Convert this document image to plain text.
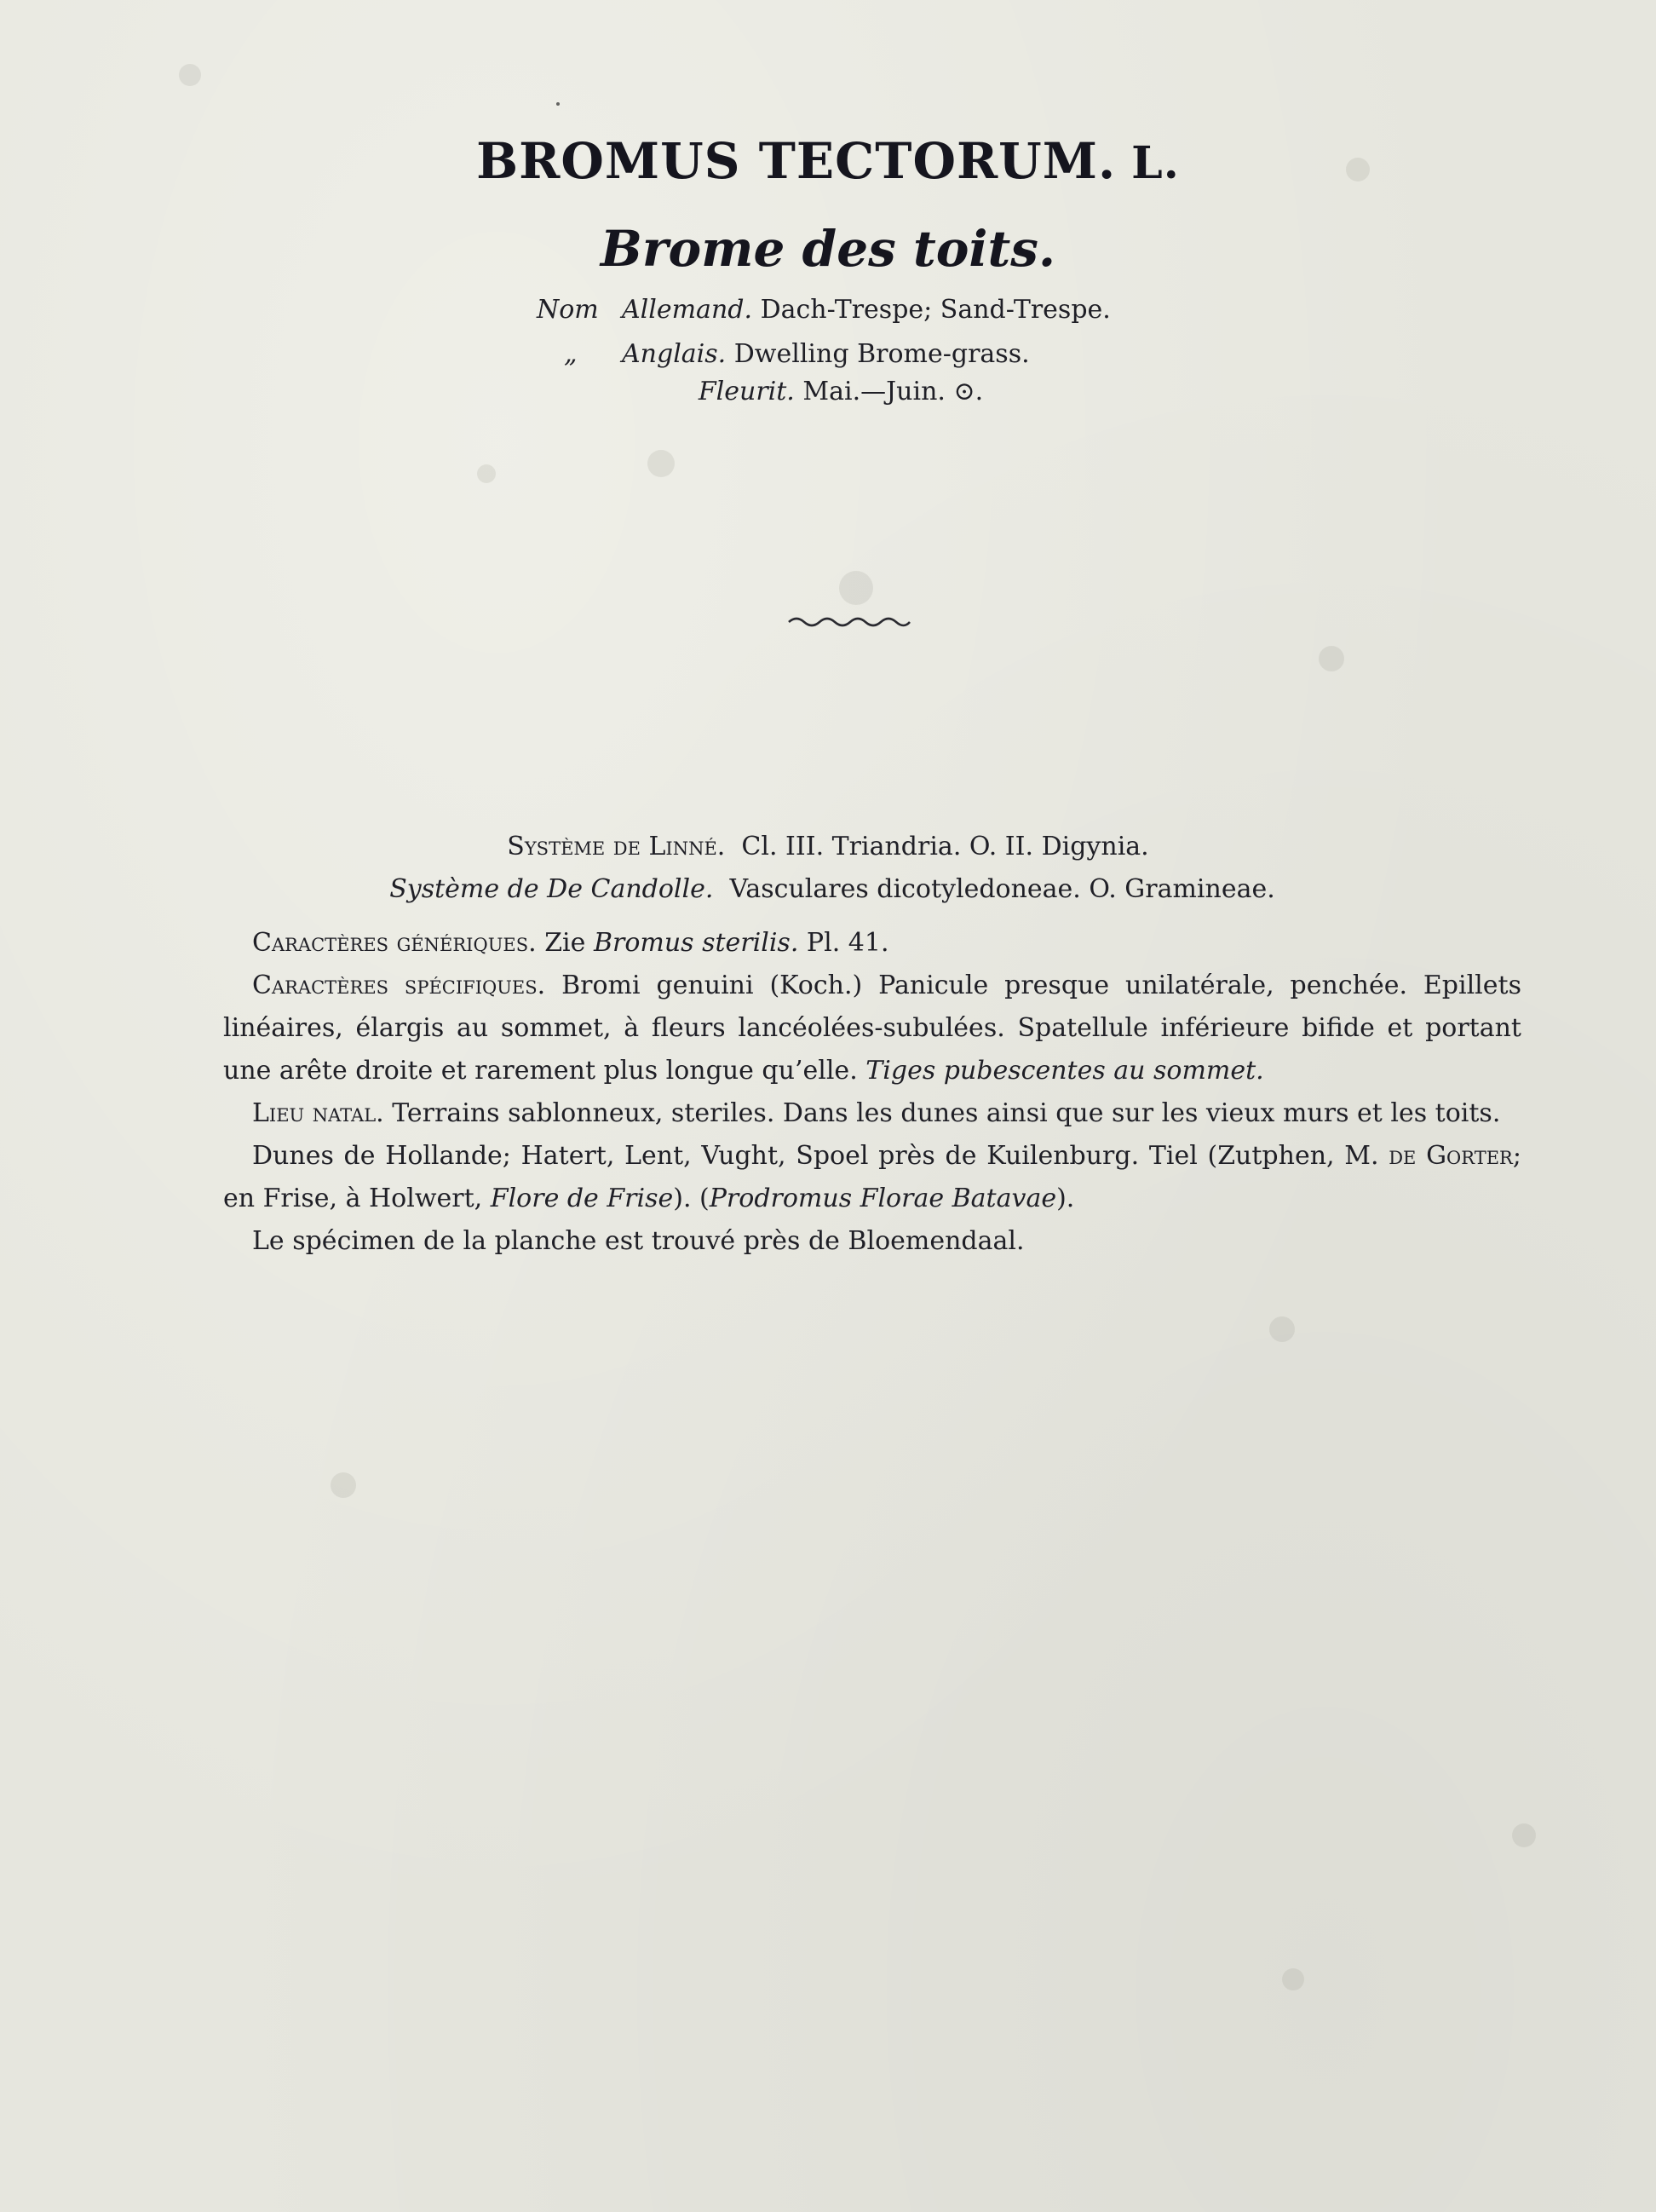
BROMUS TECTORUM. L.
Brome des toits.
Nom Allemand. Dach-Trespe; Sand-Trespe.
„ Anglais. Dwelling Brome-grass.
Fleurit. Mai.—Juin. ⊙.
Système de Linné. Cl. III. Triandria. O. II. Digynia.
Système de De Candolle. Vasculares dicotyledoneae. O. Gramineae.

Caractères génériques. Zie Bromus sterilis. Pl. 41.

Caractères spécifiques. Bromi genuini (Koch.) Panicule presque unilatérale, penchée. Epillets linéaires, élargis au sommet, à fleurs lancéolées-subulées. Spatellule inférieure bifide et portant une arête droite et rarement plus longue qu’elle. Tiges pubescentes au sommet.

Lieu natal. Terrains sablonneux, steriles. Dans les dunes ainsi que sur les vieux murs et les toits.

Dunes de Hollande; Hatert, Lent, Vught, Spoel près de Kuilenburg. Tiel (Zutphen, M. de Gorter; en Frise, à Holwert, Flore de Frise). (Prodromus Florae Batavae).

Le spécimen de la planche est trouvé près de Bloemendaal.
